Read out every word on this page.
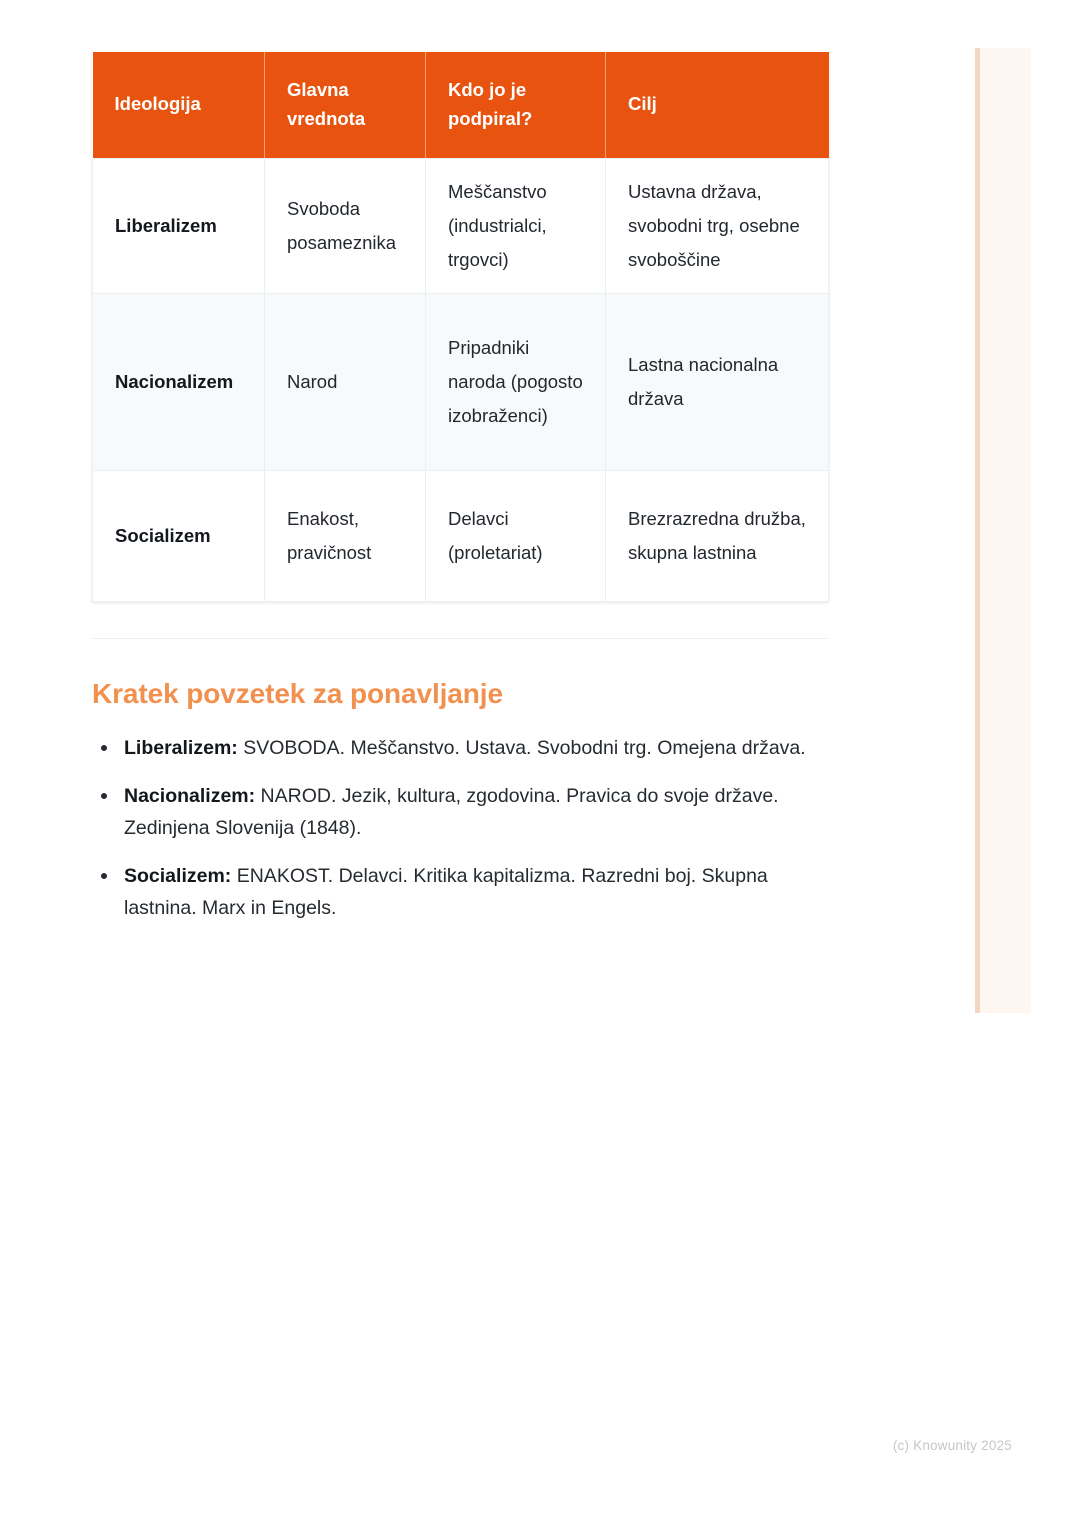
Ideologija	Glavna vrednota	Kdo jo je podpiral?	Cilj
Liberalizem	Svoboda posameznika	Meščanstvo (industrialci, trgovci)	Ustavna država, svobodni trg, osebne svoboščine
Nacionalizem	Narod	Pripadniki naroda (pogosto izobraženci)	Lastna nacionalna država
Socializem	Enakost, pravičnost	Delavci (proletariat)	Brezrazredna družba, skupna lastnina
Kratek povzetek za ponavljanje
Liberalizem: SVOBODA. Meščanstvo. Ustava. Svobodni trg. Omejena država.
Nacionalizem: NAROD. Jezik, kultura, zgodovina. Pravica do svoje države. Zedinjena Slovenija (1848).
Socializem: ENAKOST. Delavci. Kritika kapitalizma. Razredni boj. Skupna lastnina. Marx in Engels.
(c) Knowunity 2025
